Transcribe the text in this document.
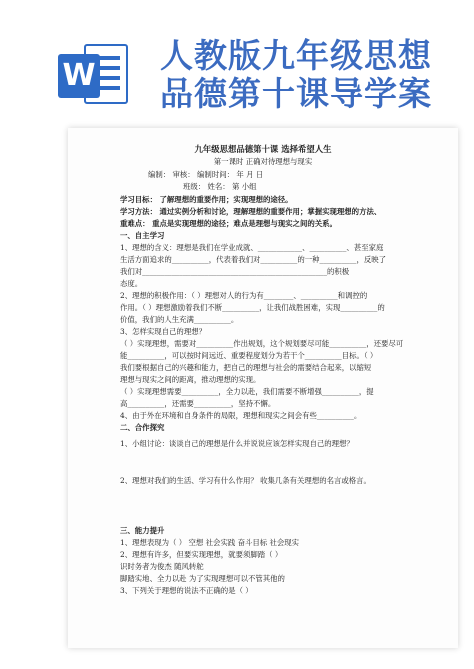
W
人教版九年级思想
品德第十课导学案
九年级思想品德第十课 选择希望人生
第一课时 正确对待理想与现实
编制： 审核： 编制时间： 年 月 日
班级： 姓名： 第 小组
学习目标： 了解理想的重要作用；实现理想的途径。
学习方法： 通过实例分析和讨论，理解理想的重要作用；掌握实现理想的方法、
重难点： 重点是实现理想的途径；难点是理想与现实之间的关系。
一、自主学习
1、理想的含义：理想是我们在学业成就、____________、__________、甚至家庭
生活方面追求的__________，代表着我们对__________的一种__________，反映了
我们对__________________________________________________的积极
态度。
2、理想的积极作用：（ ）理想对人的行为有________、__________和调控的
作用。（ ）理想激励着我们不断__________，让我们战胜困难，实现__________的
价值，我们的人生充满__________。
3、怎样实现自己的理想？
（ ）实现理想，需要对__________作出规划，这个规划要尽可能__________，还要尽可
能__________，可以按时间远近、重要程度划分为若干个__________目标。（ ）
我们要根据自己的兴趣和能力，把自己的理想与社会的需要结合起来，以缩短
理想与现实之间的距离，推动理想的实现。
（ ）实现理想需要__________，全力以赴，我们需要不断增强__________，提
高__________，还需要__________，坚持不懈。
4、由于外在环境和自身条件的局限，理想和现实之间会有些__________。
二、合作探究
1、小组讨论：谈谈自己的理想是什么并说说应该怎样实现自己的理想？
2、理想对我们的生活、学习有什么作用？ 收集几条有关理想的名言或格言。
三、能力提升
1、理想表现为（ ） 空想 社会实践 奋斗目标 社会现实
2、理想有许多，但要实现理想，就要须脚踏（ ）
识时务者为俊杰 随风转舵
脚踏实地、全力以赴 为了实现理想可以不管其他的
3、下列关于理想的说法不正确的是（ ）
